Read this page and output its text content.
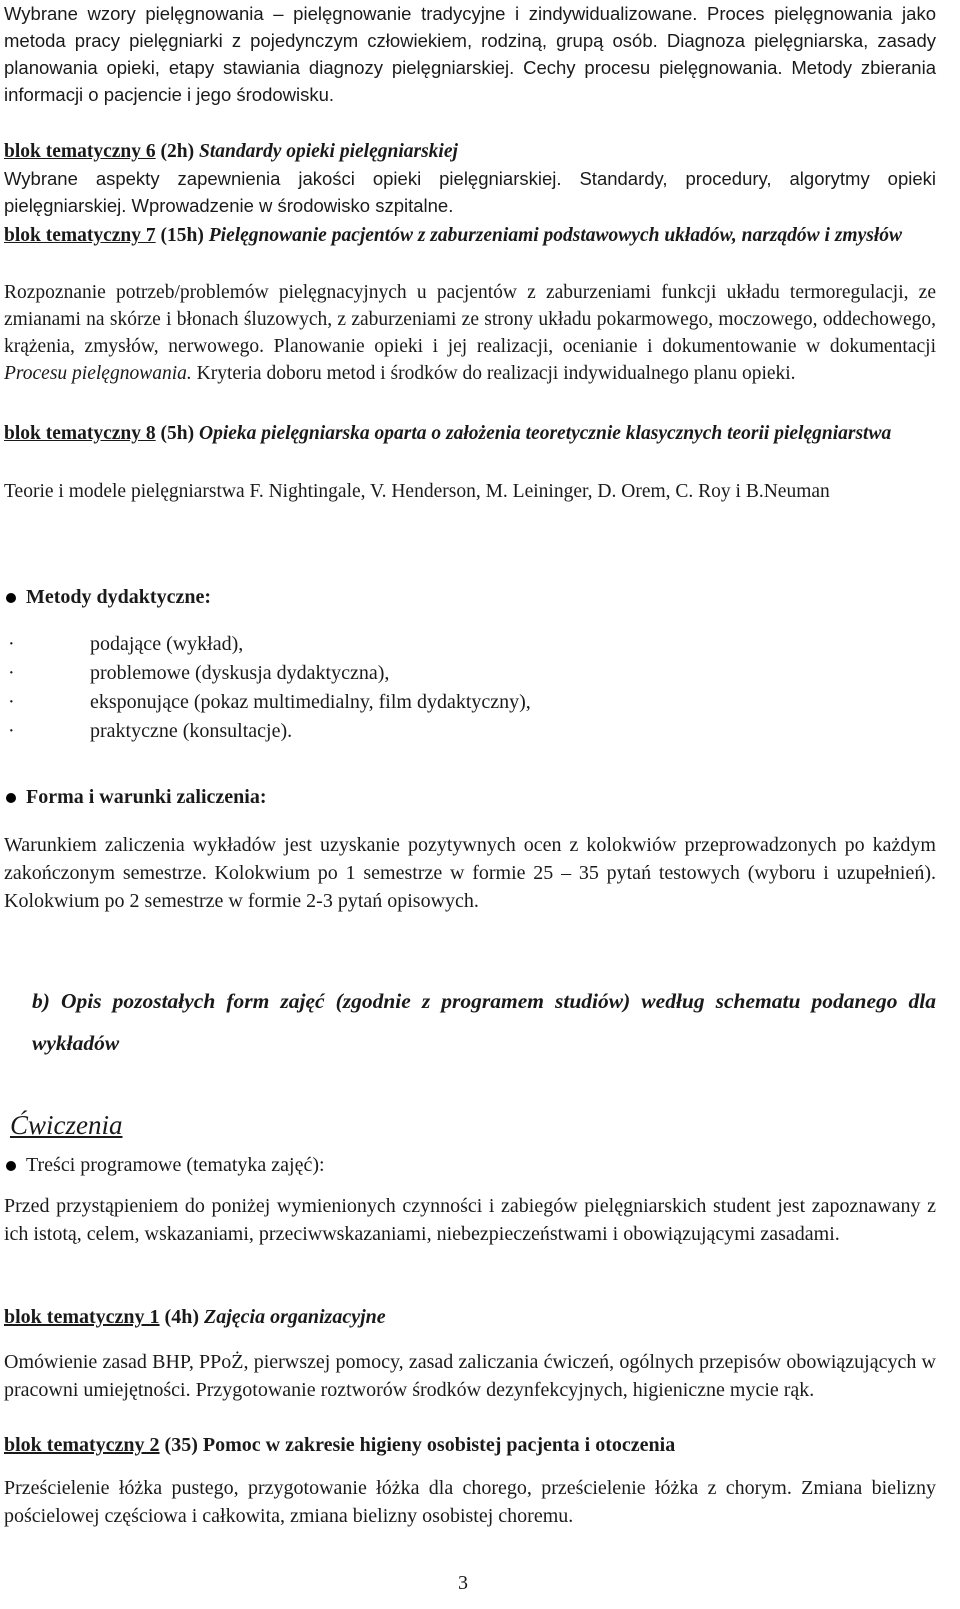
Wybrane wzory pielęgnowania – pielęgnowanie tradycyjne i zindywidualizowane. Proces pielęgnowania jako metoda pracy pielęgniarki z pojedynczym człowiekiem, rodziną, grupą osób. Diagnoza pielęgniarska, zasady planowania opieki, etapy stawiania diagnozy pielęgniarskiej. Cechy procesu pielęgnowania. Metody zbierania informacji o pacjencie i jego środowisku.

blok tematyczny 6 (2h) Standardy opieki pielęgniarskiej

Wybrane aspekty zapewnienia jakości opieki pielęgniarskiej. Standardy, procedury, algorytmy opieki pielęgniarskiej. Wprowadzenie w środowisko szpitalne.

blok tematyczny 7 (15h) Pielęgnowanie pacjentów z zaburzeniami podstawowych układów, narządów i zmysłów

Rozpoznanie potrzeb/problemów pielęgnacyjnych u pacjentów z zaburzeniami funkcji układu termoregulacji, ze zmianami na skórze i błonach śluzowych, z zaburzeniami ze strony układu pokarmowego, moczowego, oddechowego, krążenia, zmysłów, nerwowego. Planowanie opieki i jej realizacji, ocenianie i dokumentowanie w dokumentacji Procesu pielęgnowania. Kryteria doboru metod i środków do realizacji indywidualnego planu opieki.

blok tematyczny 8 (5h) Opieka pielęgniarska oparta o założenia teoretycznie klasycznych teorii pielęgniarstwa

Teorie i modele pielęgniarstwa F. Nightingale, V. Henderson, M. Leininger, D. Orem, C. Roy i B.Neuman

Metody dydaktyczne:
·	podające (wykład),
·	problemowe (dyskusja dydaktyczna),
·	eksponujące (pokaz multimedialny, film dydaktyczny),
·	praktyczne (konsultacje).
Forma i warunki zaliczenia:

Warunkiem zaliczenia wykładów jest uzyskanie pozytywnych ocen z kolokwiów przeprowadzonych po każdym zakończonym semestrze. Kolokwium po 1 semestrze w formie 25 – 35 pytań testowych (wyboru i uzupełnień). Kolokwium po 2 semestrze w formie 2-3 pytań opisowych.

b) Opis pozostałych form zajęć (zgodnie z programem studiów) według schematu podanego dla wykładów

Ćwiczenia
Treści programowe (tematyka zajęć):

Przed przystąpieniem do poniżej wymienionych czynności i zabiegów pielęgniarskich student jest zapoznawany z ich istotą, celem, wskazaniami, przeciwwskazaniami, niebezpieczeństwami i obowiązującymi zasadami.

blok tematyczny 1 (4h) Zajęcia organizacyjne

Omówienie zasad BHP, PPoŻ, pierwszej pomocy, zasad zaliczania ćwiczeń, ogólnych przepisów obowiązujących w pracowni umiejętności. Przygotowanie roztworów środków dezynfekcyjnych, higieniczne mycie rąk.

blok tematyczny 2 (35) Pomoc w zakresie higieny osobistej pacjenta i otoczenia

Prześcielenie łóżka pustego, przygotowanie łóżka dla chorego, prześcielenie łóżka z chorym. Zmiana bielizny pościelowej częściowa i całkowita, zmiana bielizny osobistej choremu.

3
